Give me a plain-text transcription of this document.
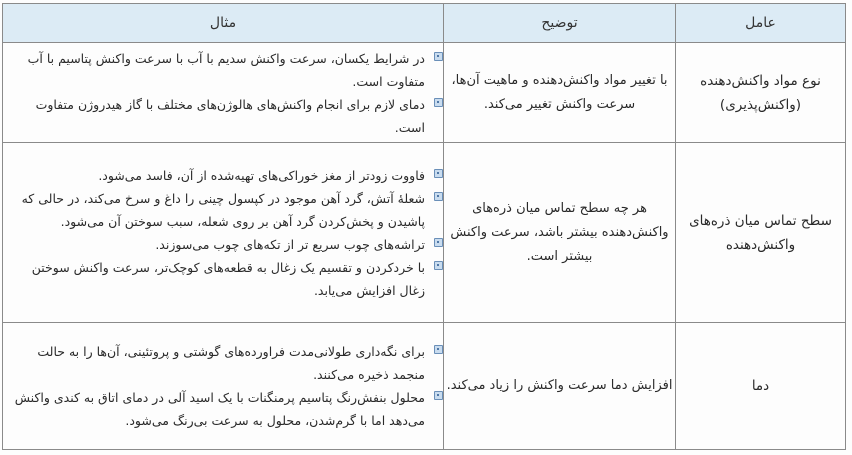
عامل	توضیح	مثال
نوع مواد واکنش‌دهنده (واکنش‌پذیری)	با تغییر مواد واکنش‌دهنده و ماهیت آن‌ها، سرعت واکنش تغییر می‌کند.	در شرایط یکسان، سرعت واکنش سدیم با آب با سرعت واکنش پتاسیم با آب متفاوت است.

دمای لازم برای انجام واکنش‌های هالوژن‌های مختلف با گاز هیدروژن متفاوت است.

سطح تماس میان ذره‌های واکنش‌دهنده	هر چه سطح تماس میان ذره‌های واکنش‌دهنده بیشتر باشد، سرعت واکنش بیشتر است.	فاووت زودتر از مغز خوراکی‌های تهیه‌شده از آن، فاسد می‌شود.

شعلهٔ آتش، گرد آهن موجود در کپسول چینی را داغ و سرخ می‌کند، در حالی که پاشیدن و پخش‌کردن گرد آهن بر روی شعله، سبب سوختن آن می‌شود.

تراشه‌های چوب سریع تر از تکه‌های چوب می‌سوزند.

با خردکردن و تقسیم یک زغال به قطعه‌های کوچک‌تر، سرعت واکنش سوختن زغال افزایش می‌یابد.

دما	افزایش دما سرعت واکنش را زیاد می‌کند.	برای نگه‌داری طولانی‌مدت فراورده‌های گوشتی و پروتئینی، آن‌ها را به حالت منجمد ذخیره می‌کنند.

محلول بنفش‌رنگ پتاسیم پرمنگنات با یک اسید آلی در دمای اتاق به کندی واکنش می‌دهد اما با گرم‌شدن، محلول به سرعت بی‌رنگ می‌شود.
